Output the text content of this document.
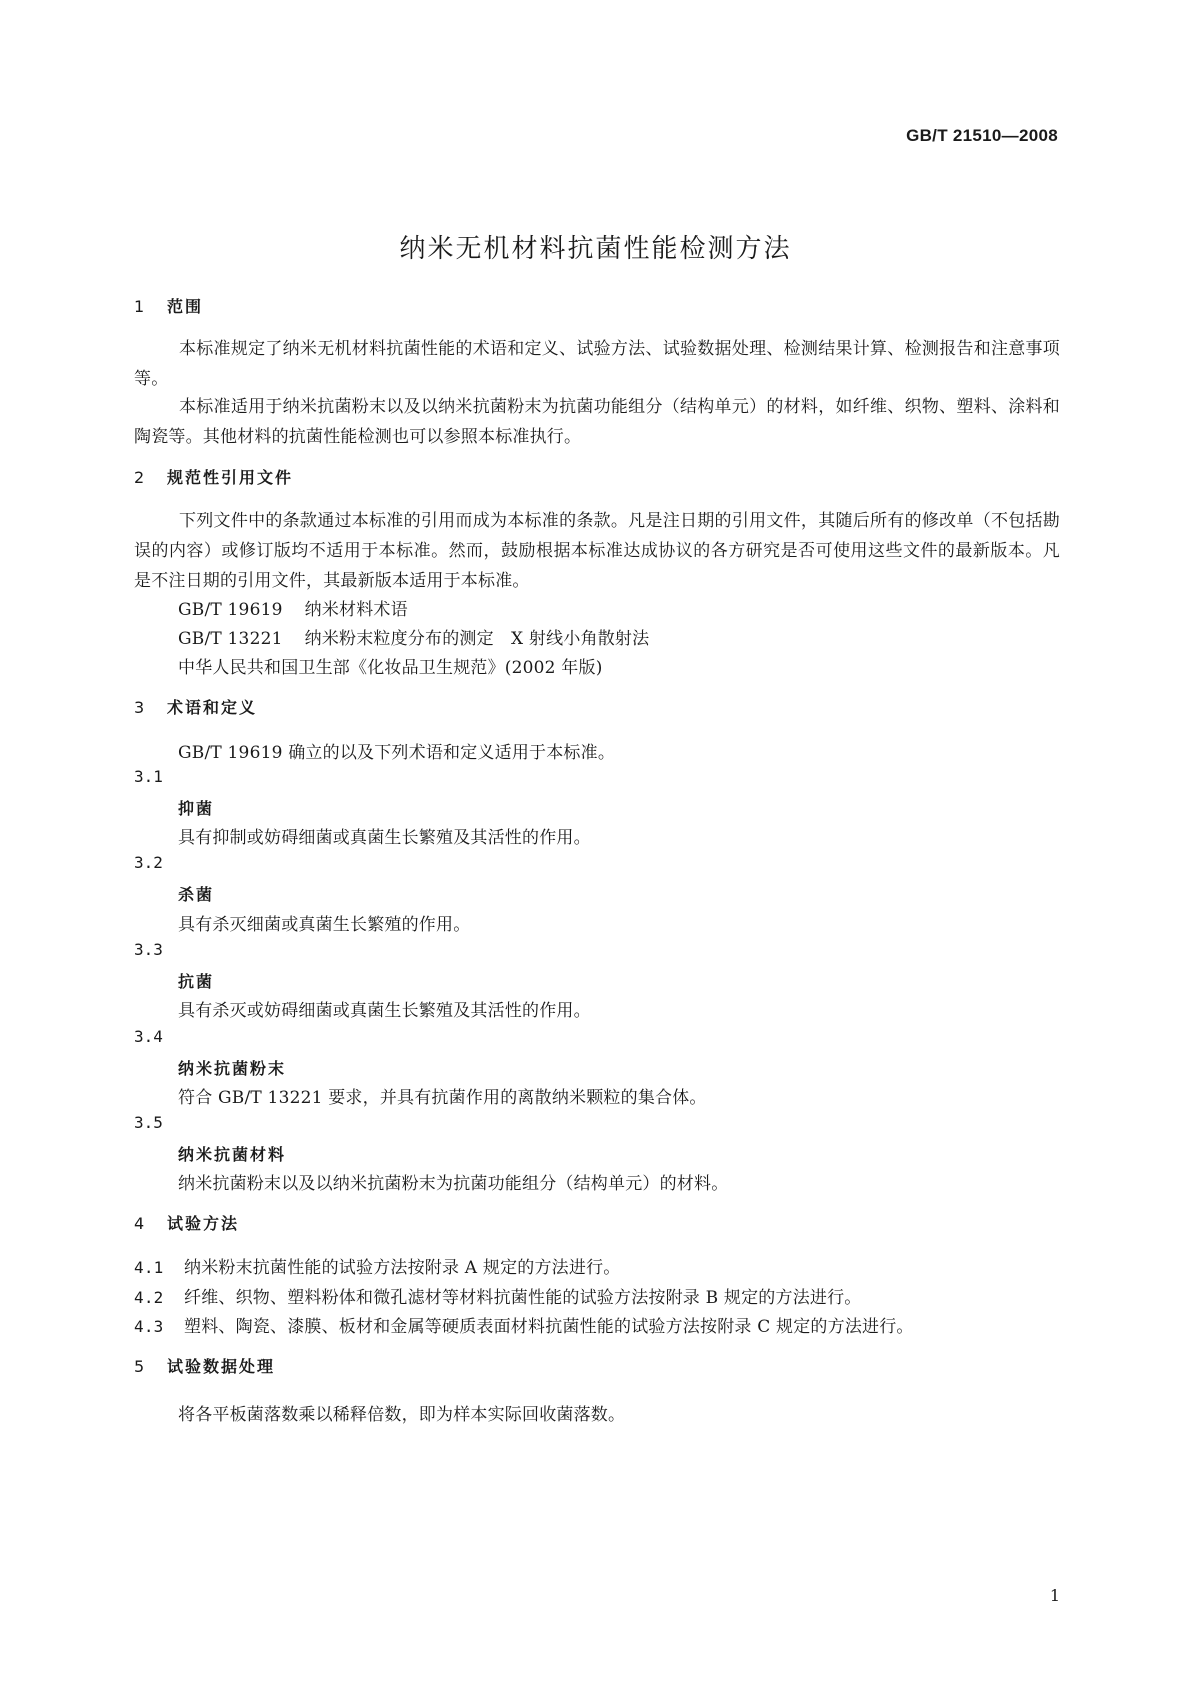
GB/T 21510—2008
纳米无机材料抗菌性能检测方法
1 范围
本标准规定了纳米无机材料抗菌性能的术语和定义、试验方法、试验数据处理、检测结果计算、检测报告和注意事项等。
本标准适用于纳米抗菌粉末以及以纳米抗菌粉末为抗菌功能组分（结构单元）的材料，如纤维、织物、塑料、涂料和陶瓷等。其他材料的抗菌性能检测也可以参照本标准执行。
2 规范性引用文件
下列文件中的条款通过本标准的引用而成为本标准的条款。凡是注日期的引用文件，其随后所有的修改单（不包括勘误的内容）或修订版均不适用于本标准。然而，鼓励根据本标准达成协议的各方研究是否可使用这些文件的最新版本。凡是不注日期的引用文件，其最新版本适用于本标准。
GB/T 19619 纳米材料术语
GB/T 13221 纳米粉末粒度分布的测定　X 射线小角散射法
中华人民共和国卫生部《化妆品卫生规范》(2002 年版)
3 术语和定义
GB/T 19619 确立的以及下列术语和定义适用于本标准。
3.1
抑菌
具有抑制或妨碍细菌或真菌生长繁殖及其活性的作用。
3.2
杀菌
具有杀灭细菌或真菌生长繁殖的作用。
3.3
抗菌
具有杀灭或妨碍细菌或真菌生长繁殖及其活性的作用。
3.4
纳米抗菌粉末
符合 GB/T 13221 要求，并具有抗菌作用的离散纳米颗粒的集合体。
3.5
纳米抗菌材料
纳米抗菌粉末以及以纳米抗菌粉末为抗菌功能组分（结构单元）的材料。
4 试验方法
4.1 纳米粉末抗菌性能的试验方法按附录 A 规定的方法进行。
4.2 纤维、织物、塑料粉体和微孔滤材等材料抗菌性能的试验方法按附录 B 规定的方法进行。
4.3 塑料、陶瓷、漆膜、板材和金属等硬质表面材料抗菌性能的试验方法按附录 C 规定的方法进行。
5 试验数据处理
将各平板菌落数乘以稀释倍数，即为样本实际回收菌落数。
1
